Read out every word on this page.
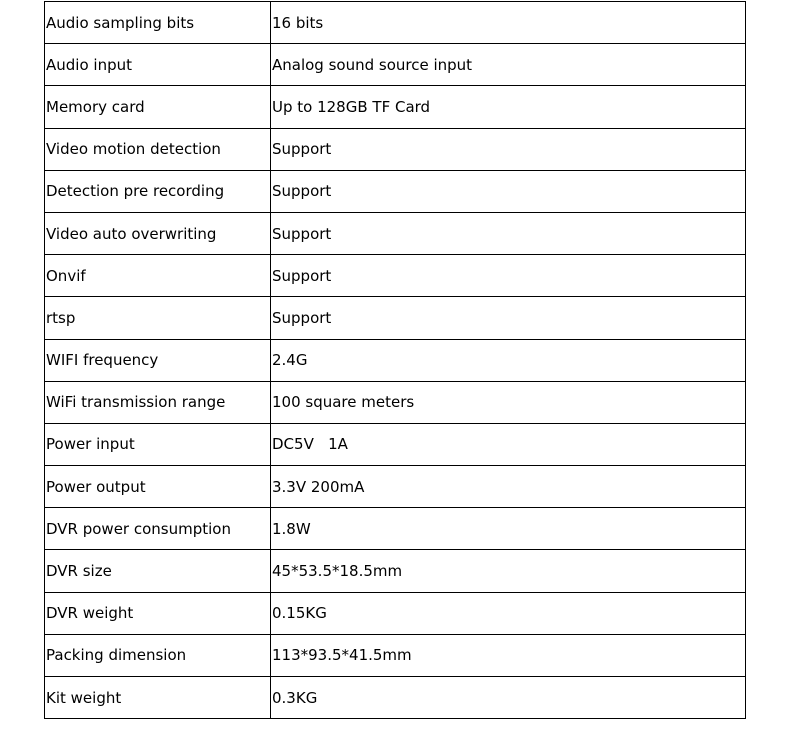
Audio sampling bits	16 bits
Audio input	Analog sound source input
Memory card	Up to 128GB TF Card
Video motion detection	Support
Detection pre recording	Support
Video auto overwriting	Support
Onvif	Support
rtsp	Support
WIFI frequency	2.4G
WiFi transmission range	100 square meters
Power input	DC5V   1A
Power output	3.3V 200mA
DVR power consumption	1.8W
DVR size	45*53.5*18.5mm
DVR weight	0.15KG
Packing dimension	113*93.5*41.5mm
Kit weight	0.3KG
